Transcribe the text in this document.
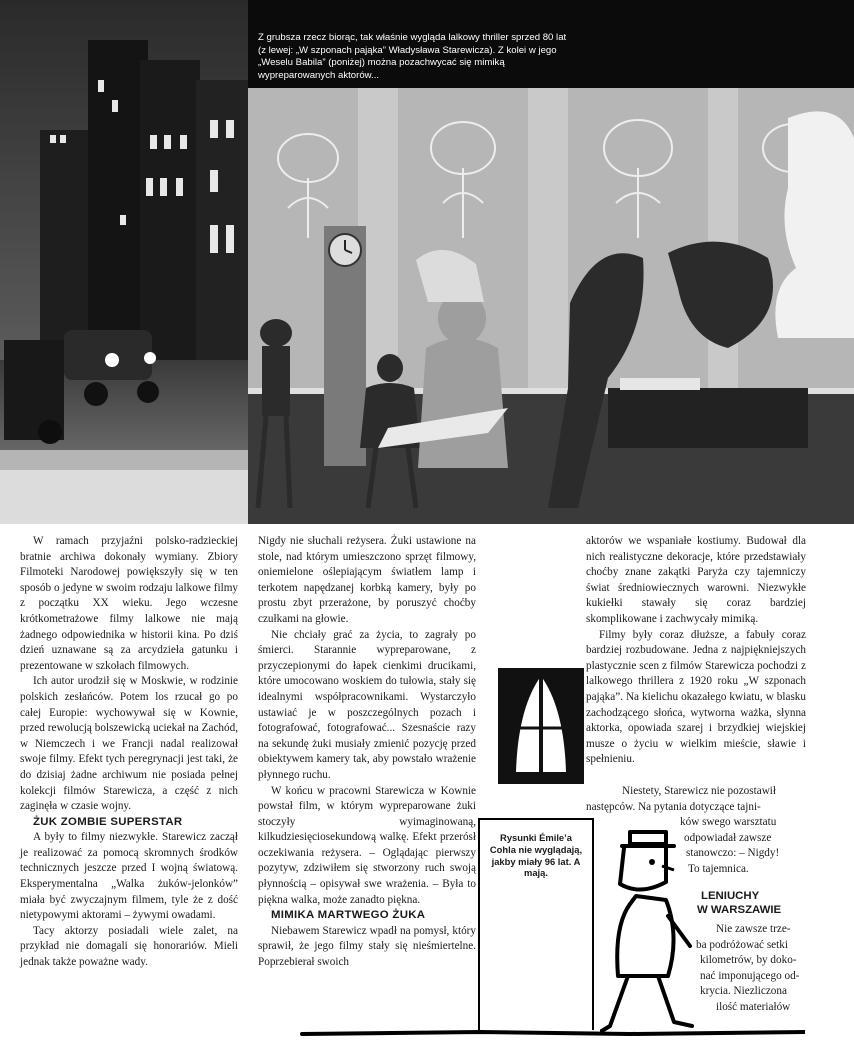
Z grubsza rzecz biorąc, tak właśnie wygląda lalkowy thriller sprzed 80 lat (z lewej: „W szponach pająka” Władysława Starewicza). Z kolei w jego „Weselu Babila” (poniżej) można pozachwycać się mimiką wypreparowanych aktorów...

W ramach przyjaźni polsko-radzieckiej bratnie archiwa dokonały wymiany. Zbiory Filmoteki Narodowej powiększyły się w ten sposób o jedyne w swoim rodzaju lalkowe filmy z początku XX wieku. Jego wczesne krótkometrażowe filmy lalkowe nie mają żadnego odpowiednika w historii kina. Po dziś dzień uznawane są za arcydzieła gatunku i prezentowane w szkołach filmowych.

Ich autor urodził się w Moskwie, w rodzinie polskich zesłańców. Potem los rzucał go po całej Europie: wychowywał się w Kownie, przed rewolucją bolszewicką uciekał na Zachód, w Niemczech i we Francji nadal realizował swoje filmy. Efekt tych peregrynacji jest taki, że do dzisiaj żadne archiwum nie posiada pełnej kolekcji filmów Starewicza, a część z nich zaginęła w czasie wojny.

ŻUK ZOMBIE SUPERSTAR

A były to filmy niezwykłe. Starewicz zaczął je realizować za pomocą skromnych środków technicznych jeszcze przed I wojną światową. Eksperymentalna „Walka żuków-jelonków” miała być zwyczajnym filmem, tyle że z dość nietypowymi aktorami – żywymi owadami.

Tacy aktorzy posiadali wiele zalet, na przykład nie domagali się honorariów. Mieli jednak także poważne wady.

Nigdy nie słuchali reżysera. Żuki ustawione na stole, nad którym umieszczono sprzęt filmowy, oniemielone oślepiającym światłem lamp i terkotem napędzanej korbką kamery, były po prostu zbyt przerażone, by poruszyć choćby czułkami na głowie.

Nie chciały grać za życia, to zagrały po śmierci. Starannie wypreparowane, z przyczepionymi do łapek cienkimi drucikami, które umocowano woskiem do tułowia, stały się idealnymi współpracownikami. Wystarczyło ustawiać je w poszczególnych pozach i fotografować, fotografować... Szesnaście razy na sekundę żuki musiały zmienić pozycję przed obiektywem kamery tak, aby powstało wrażenie płynnego ruchu.

W końcu w pracowni Starewicza w Kownie powstał film, w którym wypreparowane żuki stoczyły wyimaginowaną, kilkudziesięciosekundową walkę. Efekt przerósł oczekiwania reżysera. – Oglądając pierwszy pozytyw, zdziwiłem się stworzony ruch swoją płynnością – opisywał swe wrażenia. – Była to piękna walka, może zanadto piękna.

MIMIKA MARTWEGO ŻUKA

Niebawem Starewicz wpadł na pomysł, który sprawił, że jego filmy stały się nieśmiertelne. Poprzebierał swoich

aktorów we wspaniałe kostiumy. Budował dla nich realistyczne dekoracje, które przedstawiały choćby znane zakątki Paryża czy tajemniczy świat średniowiecznych warowni. Niezwykłe kukiełki stawały się coraz bardziej skomplikowane i zachwycały mimiką.

Filmy były coraz dłuższe, a fabuły coraz bardziej rozbudowane. Jedna z najpiękniejszych plastycznie scen z filmów Starewicza pochodzi z lalkowego thrillera z 1920 roku „W szponach pająka”. Na kielichu okazałego kwiatu, w blasku zachodzącego słońca, wytworna ważka, słynna aktorka, opowiada szarej i brzydkiej wiejskiej musze o życiu w wielkim mieście, sławie i spełnieniu.

Niestety, Starewicz nie pozostawił
następców. Na pytania dotyczące tajni-
ków swego warsztatu
odpowiadał zawsze
stanowczo: – Nigdy!
To tajemnica.
LENIUCHY
W WARSZAWIE
Nie zawsze trze-
ba podróżować setki
kilometrów, by doko-
nać imponującego od-
krycia. Niezliczona
ilość materiałów
Rysunki Émile’a Cohla nie wyglądają, jakby miały 96 lat. A mają.
